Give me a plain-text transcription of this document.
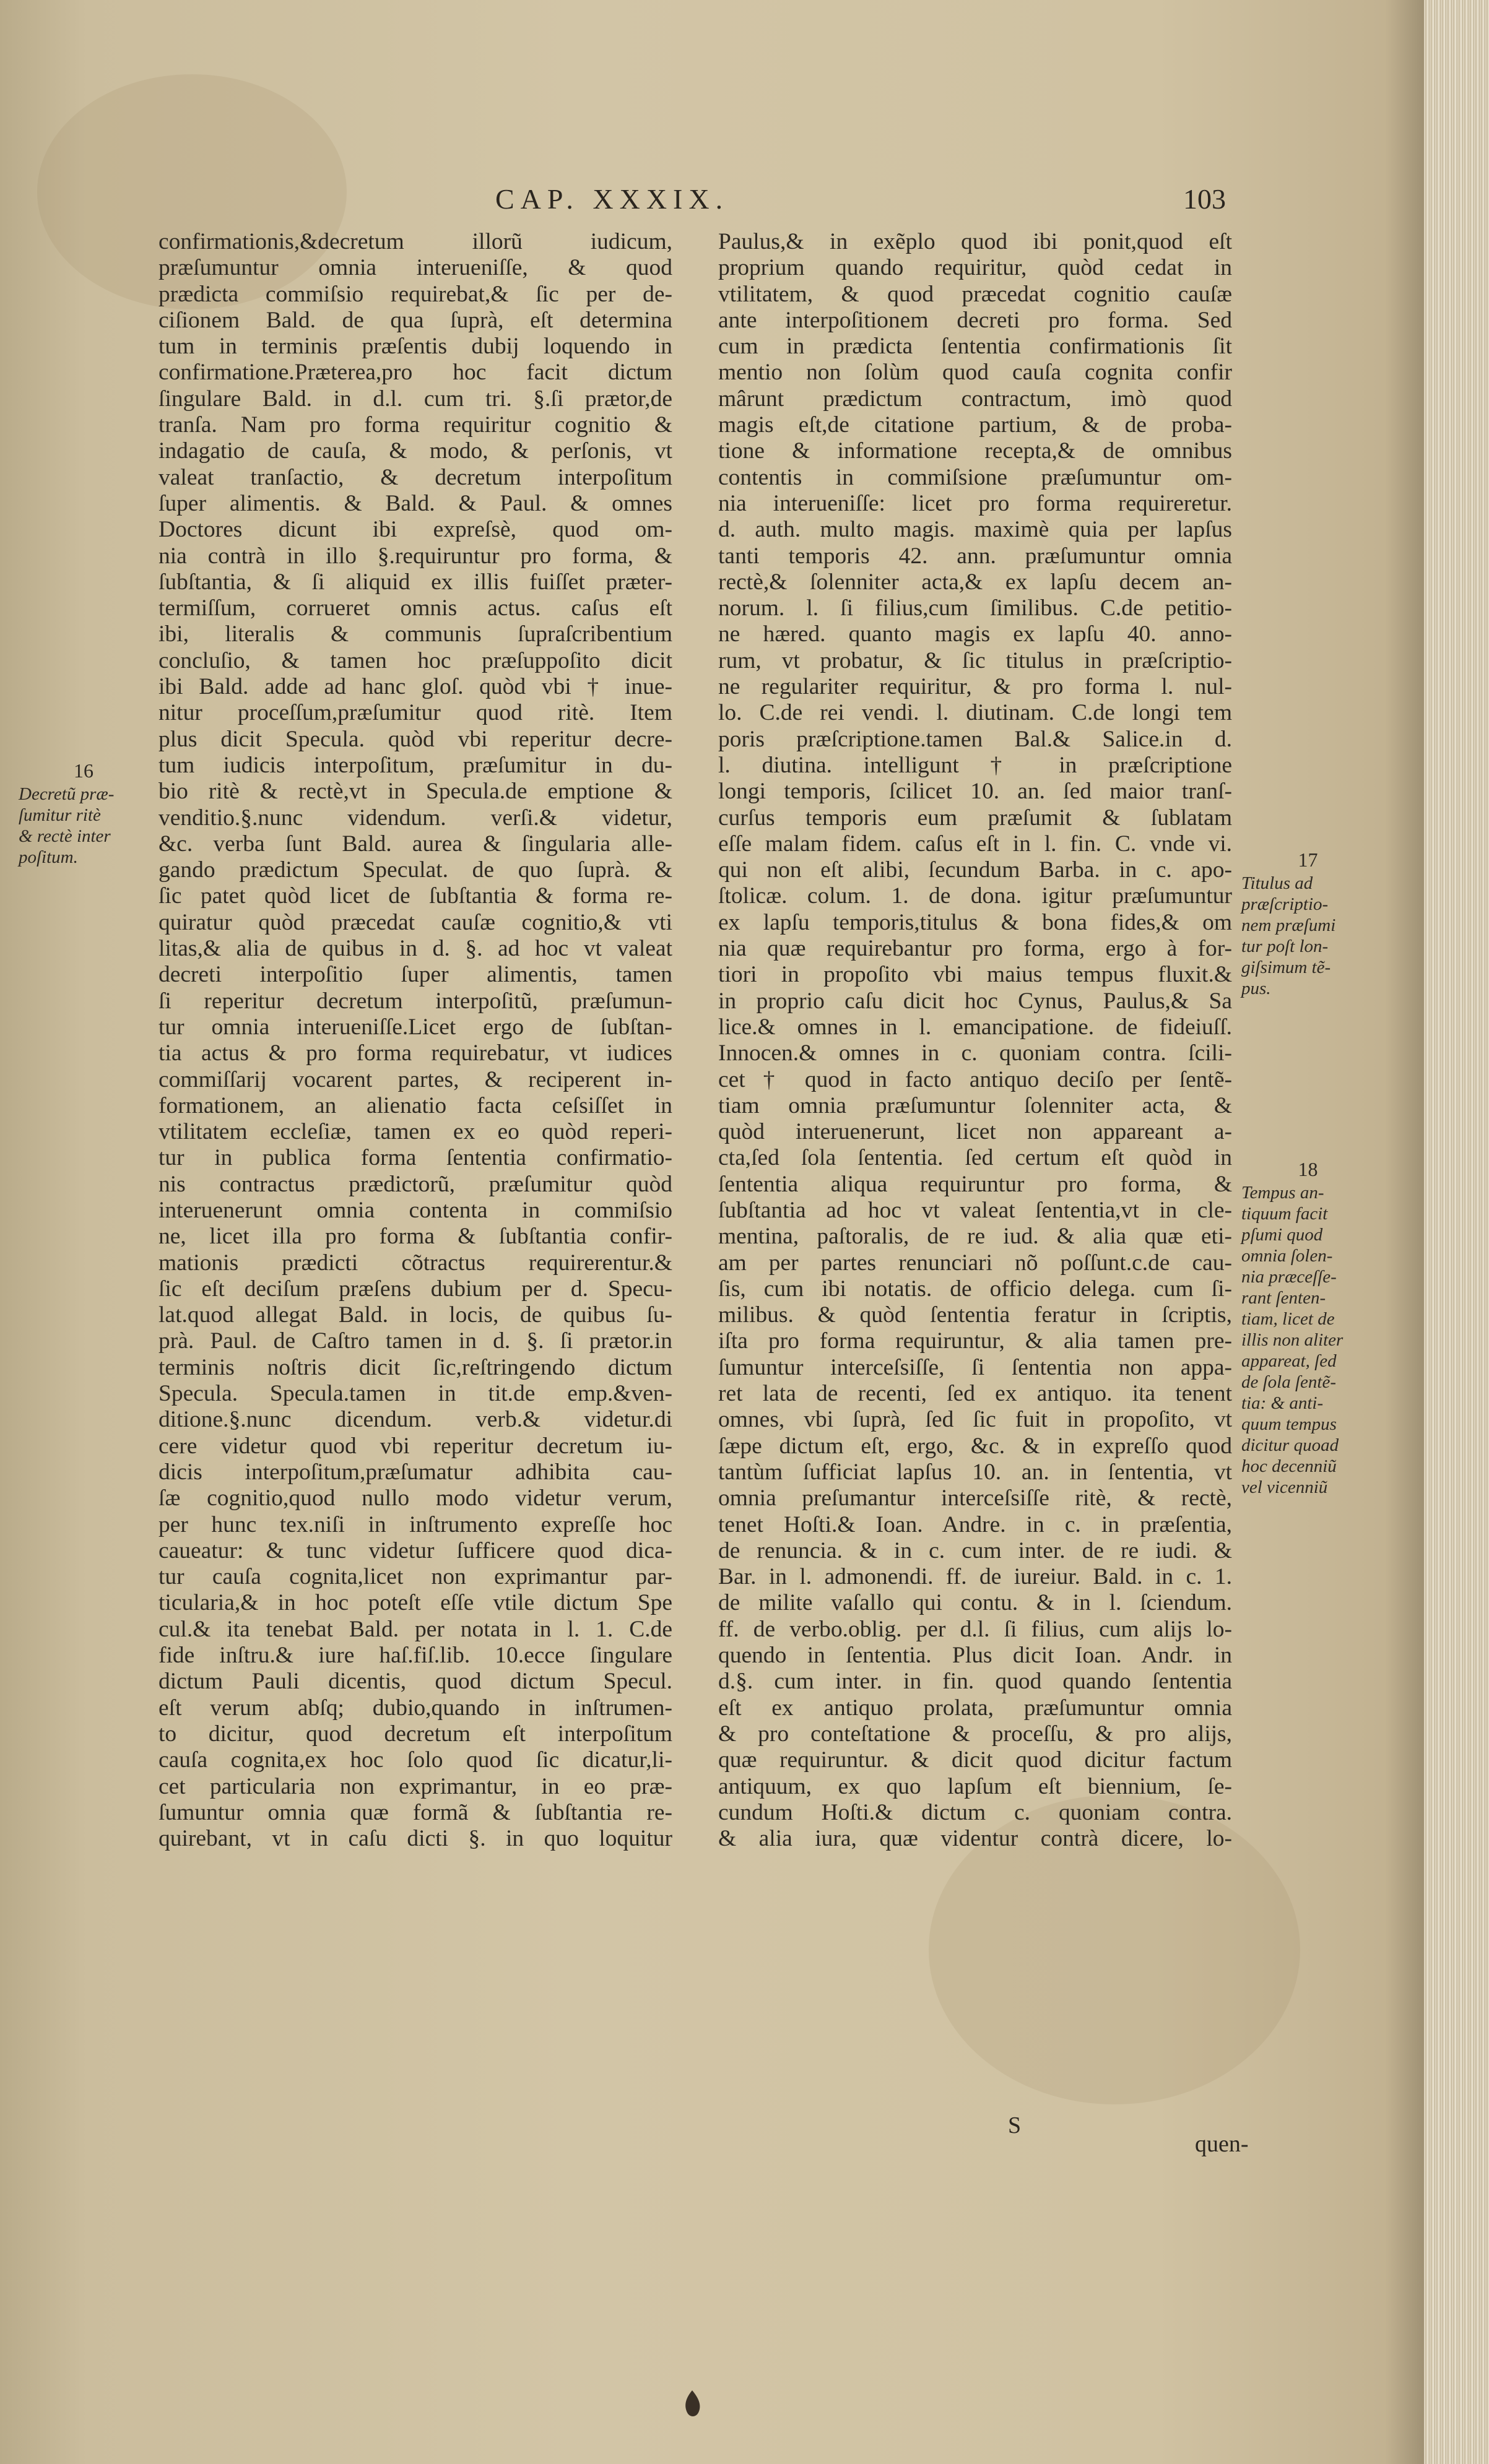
CAP. XXXIX.	103
confirmationis,&decretum illorũ iudicum,
præſumuntur omnia interueniſſe, & quod
prædicta commiſsio requirebat,& ſic per de-
ciſionem Bald. de qua ſuprà, eſt determina
tum in terminis præſentis dubij loquendo in
confirmatione.Præterea,pro hoc facit dictum
ſingulare Bald. in d.l. cum tri. §.ſi prætor,de
tranſa. Nam pro forma requiritur cognitio &
indagatio de cauſa, & modo, & perſonis, vt
valeat tranſactio, & decretum interpoſitum
ſuper alimentis. & Bald. & Paul. & omnes
Doctores dicunt ibi expreſsè, quod om-
nia contrà in illo §.requiruntur pro forma, &
ſubſtantia, & ſi aliquid ex illis fuiſſet præter-
termiſſum, corrueret omnis actus. caſus eſt
ibi, literalis & communis ſupraſcribentium
concluſio, & tamen hoc præſuppoſito dicit
ibi Bald. adde ad hanc gloſ. quòd vbi † inue-
nitur proceſſum,præſumitur quod ritè. Item
plus dicit Specula. quòd vbi reperitur decre-
tum iudicis interpoſitum, præſumitur in du-
bio ritè & rectè,vt in Specula.de emptione &
venditio.§.nunc videndum. verſi.& videtur,
&c. verba ſunt Bald. aurea & ſingularia alle-
gando prædictum Speculat. de quo ſuprà. &
ſic patet quòd licet de ſubſtantia & forma re-
quiratur quòd præcedat cauſæ cognitio,& vti
litas,& alia de quibus in d. §. ad hoc vt valeat
decreti interpoſitio ſuper alimentis, tamen
ſi reperitur decretum interpoſitũ, præſumun-
tur omnia interueniſſe.Licet ergo de ſubſtan-
tia actus & pro forma requirebatur, vt iudices
commiſſarij vocarent partes, & reciperent in-
formationem, an alienatio facta ceſsiſſet in
vtilitatem eccleſiæ, tamen ex eo quòd reperi-
tur in publica forma ſententia confirmatio-
nis contractus prædictorũ, præſumitur quòd
interuenerunt omnia contenta in commiſsio
ne, licet illa pro forma & ſubſtantia confir-
mationis prædicti cõtractus requirerentur.&
ſic eſt deciſum præſens dubium per d. Specu-
lat.quod allegat Bald. in locis, de quibus ſu-
prà. Paul. de Caſtro tamen in d. §. ſi prætor.in
terminis noſtris dicit ſic,reſtringendo dictum
Specula. Specula.tamen in tit.de emp.&ven-
ditione.§.nunc dicendum. verb.& videtur.di
cere videtur quod vbi reperitur decretum iu-
dicis interpoſitum,præſumatur adhibita cau-
ſæ cognitio,quod nullo modo videtur verum,
per hunc tex.niſi in inſtrumento expreſſe hoc
caueatur: & tunc videtur ſufficere quod dica-
tur cauſa cognita,licet non exprimantur par-
ticularia,& in hoc poteſt eſſe vtile dictum Spe
cul.& ita tenebat Bald. per notata in l. 1. C.de
fide inſtru.& iure haſ.fiſ.lib. 10.ecce ſingulare
dictum Pauli dicentis, quod dictum Specul.
eſt verum abſq; dubio,quando in inſtrumen-
to dicitur, quod decretum eſt interpoſitum
cauſa cognita,ex hoc ſolo quod ſic dicatur,li-
cet particularia non exprimantur, in eo præ-
ſumuntur omnia quæ formã & ſubſtantia re-
quirebant, vt in caſu dicti §. in quo loquitur
Paulus,& in exẽplo quod ibi ponit,quod eſt
proprium quando requiritur, quòd cedat in
vtilitatem, & quod præcedat cognitio cauſæ
ante interpoſitionem decreti pro forma. Sed
cum in prædicta ſententia confirmationis ſit
mentio non ſolùm quod cauſa cognita confir
mârunt prædictum contractum, imò quod
magis eſt,de citatione partium, & de proba-
tione & informatione recepta,& de omnibus
contentis in commiſsione præſumuntur om-
nia interueniſſe: licet pro forma requireretur.
d. auth. multo magis. maximè quia per lapſus
tanti temporis 42. ann. præſumuntur omnia
rectè,& ſolenniter acta,& ex lapſu decem an-
norum. l. ſi filius,cum ſimilibus. C.de petitio-
ne hæred. quanto magis ex lapſu 40. anno-
rum, vt probatur, & ſic titulus in præſcriptio-
ne regulariter requiritur, & pro forma l. nul-
lo. C.de rei vendi. l. diutinam. C.de longi tem
poris præſcriptione.tamen Bal.& Salice.in d.
l. diutina. intelligunt † in præſcriptione
longi temporis, ſcilicet 10. an. ſed maior tranſ-
curſus temporis eum præſumit & ſublatam
eſſe malam fidem. caſus eſt in l. fin. C. vnde vi.
qui non eſt alibi, ſecundum Barba. in c. apo-
ſtolicæ. colum. 1. de dona. igitur præſumuntur
ex lapſu temporis,titulus & bona fides,& om
nia quæ requirebantur pro forma, ergo à for-
tiori in propoſito vbi maius tempus fluxit.&
in proprio caſu dicit hoc Cynus, Paulus,& Sa
lice.& omnes in l. emancipatione. de fideiuſſ.
Innocen.& omnes in c. quoniam contra. ſcili-
cet † quod in facto antiquo deciſo per ſentẽ-
tiam omnia præſumuntur ſolenniter acta, &
quòd interuenerunt, licet non appareant a-
cta,ſed ſola ſententia. ſed certum eſt quòd in
ſententia aliqua requiruntur pro forma, &
ſubſtantia ad hoc vt valeat ſententia,vt in cle-
mentina, paſtoralis, de re iud. & alia quæ eti-
am per partes renunciari nõ poſſunt.c.de cau-
ſis, cum ibi notatis. de officio delega. cum ſi-
milibus. & quòd ſententia feratur in ſcriptis,
iſta pro forma requiruntur, & alia tamen pre-
ſumuntur interceſsiſſe, ſi ſententia non appa-
ret lata de recenti, ſed ex antiquo. ita tenent
omnes, vbi ſuprà, ſed ſic fuit in propoſito, vt
ſæpe dictum eſt, ergo, &c. & in expreſſo quod
tantùm ſufficiat lapſus 10. an. in ſententia, vt
omnia preſumantur interceſsiſſe ritè, & rectè,
tenet Hoſti.& Ioan. Andre. in c. in præſentia,
de renuncia. & in c. cum inter. de re iudi. &
Bar. in l. admonendi. ff. de iureiur. Bald. in c. 1.
de milite vaſallo qui contu. & in l. ſciendum.
ff. de verbo.oblig. per d.l. ſi filius, cum alijs lo-
quendo in ſententia. Plus dicit Ioan. Andr. in
d.§. cum inter. in fin. quod quando ſententia
eſt ex antiquo prolata, præſumuntur omnia
& pro conteſtatione & proceſſu, & pro alijs,
quæ requiruntur. & dicit quod dicitur factum
antiquum, ex quo lapſum eſt biennium, ſe-
cundum Hoſti.& dictum c. quoniam contra.
& alia iura, quæ videntur contrà dicere, lo-
16
Decretũ præ-
ſumitur ritè
& rectè inter
poſitum.	17
Titulus ad
præſcriptio-
nem præſumi
tur poſt lon-
giſsimum tẽ-
pus.
18
Tempus an-
tiquum facit
pſumi quod
omnia ſolen-
nia præceſſe-
rant ſenten-
tiam, licet de
illis non aliter
appareat, ſed
de ſola ſentẽ-
tia: & anti-
quum tempus
dicitur quoad
hoc decenniũ
vel vicenniũ
S
quen-
